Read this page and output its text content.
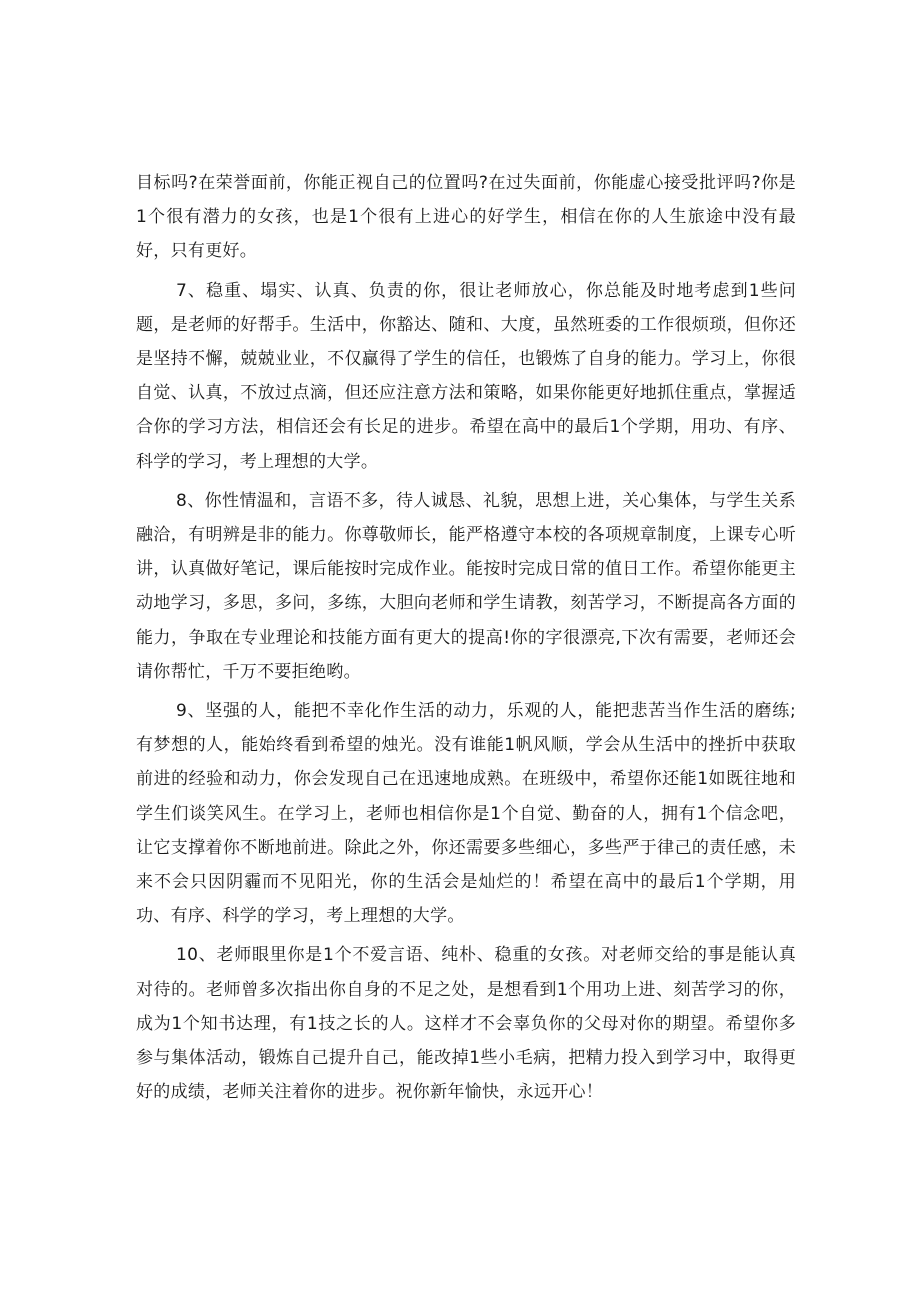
目标吗?在荣誉面前，你能正视自己的位置吗?在过失面前，你能虚心接受批评吗?你是1个很有潜力的女孩，也是1个很有上进心的好学生，相信在你的人生旅途中没有最好，只有更好。

7、稳重、塌实、认真、负责的你，很让老师放心，你总能及时地考虑到1些问题，是老师的好帮手。生活中，你豁达、随和、大度，虽然班委的工作很烦琐，但你还是坚持不懈，兢兢业业，不仅赢得了学生的信任，也锻炼了自身的能力。学习上，你很自觉、认真，不放过点滴，但还应注意方法和策略，如果你能更好地抓住重点，掌握适合你的学习方法，相信还会有长足的进步。希望在高中的最后1个学期，用功、有序、科学的学习，考上理想的大学。

8、你性情温和，言语不多，待人诚恳、礼貌，思想上进，关心集体，与学生关系融洽，有明辨是非的能力。你尊敬师长，能严格遵守本校的各项规章制度，上课专心听讲，认真做好笔记，课后能按时完成作业。能按时完成日常的值日工作。希望你能更主动地学习，多思，多问，多练，大胆向老师和学生请教，刻苦学习，不断提高各方面的能力，争取在专业理论和技能方面有更大的提高!你的字很漂亮,下次有需要，老师还会请你帮忙，千万不要拒绝哟。

9、坚强的人，能把不幸化作生活的动力，乐观的人，能把悲苦当作生活的磨练;有梦想的人，能始终看到希望的烛光。没有谁能1帆风顺，学会从生活中的挫折中获取前进的经验和动力，你会发现自己在迅速地成熟。在班级中，希望你还能1如既往地和学生们谈笑风生。在学习上，老师也相信你是1个自觉、勤奋的人，拥有1个信念吧，让它支撑着你不断地前进。除此之外，你还需要多些细心，多些严于律己的责任感，未来不会只因阴霾而不见阳光，你的生活会是灿烂的！希望在高中的最后1个学期，用功、有序、科学的学习，考上理想的大学。

10、老师眼里你是1个不爱言语、纯朴、稳重的女孩。对老师交给的事是能认真对待的。老师曾多次指出你自身的不足之处，是想看到1个用功上进、刻苦学习的你，成为1个知书达理，有1技之长的人。这样才不会辜负你的父母对你的期望。希望你多参与集体活动，锻炼自己提升自己，能改掉1些小毛病，把精力投入到学习中，取得更好的成绩，老师关注着你的进步。祝你新年愉快，永远开心！
